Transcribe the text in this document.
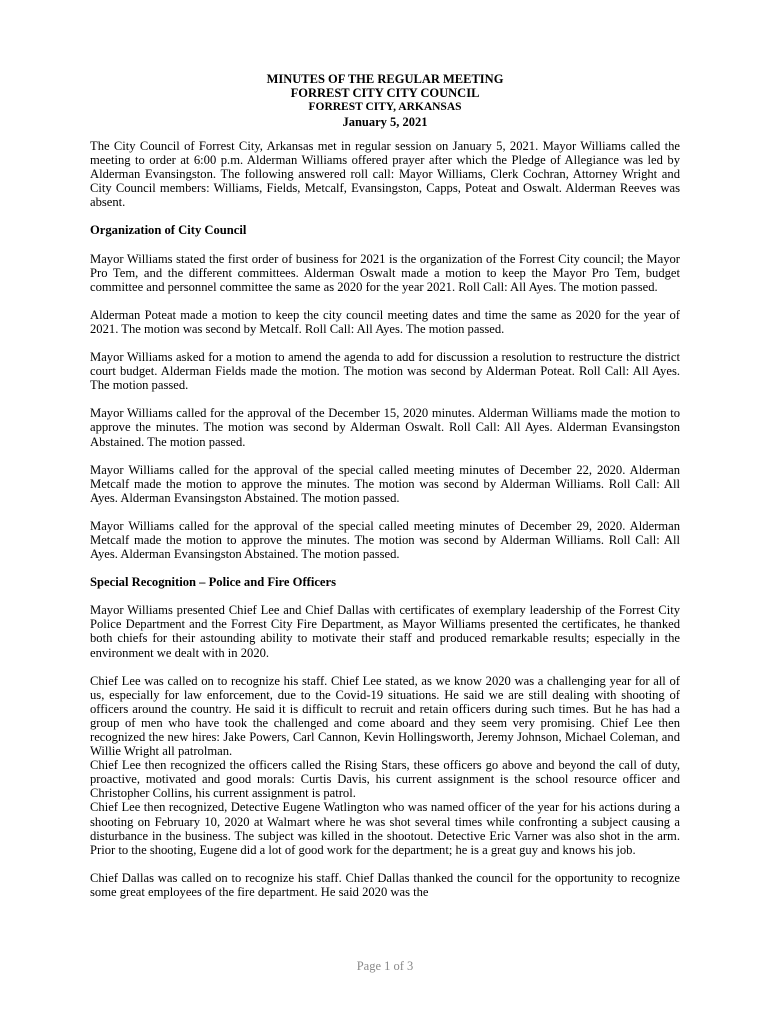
MINUTES OF THE REGULAR MEETING
FORREST CITY CITY COUNCIL
FORREST CITY, ARKANSAS
January 5, 2021

The City Council of Forrest City, Arkansas met in regular session on January 5, 2021. Mayor Williams called the meeting to order at 6:00 p.m. Alderman Williams offered prayer after which the Pledge of Allegiance was led by Alderman Evansingston. The following answered roll call: Mayor Williams, Clerk Cochran, Attorney Wright and City Council members: Williams, Fields, Metcalf, Evansingston, Capps, Poteat and Oswalt. Alderman Reeves was absent.

Organization of City Council

Mayor Williams stated the first order of business for 2021 is the organization of the Forrest City council; the Mayor Pro Tem, and the different committees. Alderman Oswalt made a motion to keep the Mayor Pro Tem, budget committee and personnel committee the same as 2020 for the year 2021. Roll Call: All Ayes. The motion passed.

Alderman Poteat made a motion to keep the city council meeting dates and time the same as 2020 for the year of 2021. The motion was second by Metcalf. Roll Call: All Ayes. The motion passed.

Mayor Williams asked for a motion to amend the agenda to add for discussion a resolution to restructure the district court budget. Alderman Fields made the motion. The motion was second by Alderman Poteat. Roll Call: All Ayes. The motion passed.

Mayor Williams called for the approval of the December 15, 2020 minutes. Alderman Williams made the motion to approve the minutes. The motion was second by Alderman Oswalt. Roll Call: All Ayes. Alderman Evansingston Abstained. The motion passed.

Mayor Williams called for the approval of the special called meeting minutes of December 22, 2020. Alderman Metcalf made the motion to approve the minutes. The motion was second by Alderman Williams. Roll Call: All Ayes. Alderman Evansingston Abstained. The motion passed.

Mayor Williams called for the approval of the special called meeting minutes of December 29, 2020. Alderman Metcalf made the motion to approve the minutes. The motion was second by Alderman Williams. Roll Call: All Ayes. Alderman Evansingston Abstained. The motion passed.

Special Recognition – Police and Fire Officers

Mayor Williams presented Chief Lee and Chief Dallas with certificates of exemplary leadership of the Forrest City Police Department and the Forrest City Fire Department, as Mayor Williams presented the certificates, he thanked both chiefs for their astounding ability to motivate their staff and produced remarkable results; especially in the environment we dealt with in 2020.

Chief Lee was called on to recognize his staff. Chief Lee stated, as we know 2020 was a challenging year for all of us, especially for law enforcement, due to the Covid-19 situations. He said we are still dealing with shooting of officers around the country. He said it is difficult to recruit and retain officers during such times. But he has had a group of men who have took the challenged and come aboard and they seem very promising. Chief Lee then recognized the new hires: Jake Powers, Carl Cannon, Kevin Hollingsworth, Jeremy Johnson, Michael Coleman, and Willie Wright all patrolman.

Chief Lee then recognized the officers called the Rising Stars, these officers go above and beyond the call of duty, proactive, motivated and good morals: Curtis Davis, his current assignment is the school resource officer and Christopher Collins, his current assignment is patrol.

Chief Lee then recognized, Detective Eugene Watlington who was named officer of the year for his actions during a shooting on February 10, 2020 at Walmart where he was shot several times while confronting a subject causing a disturbance in the business. The subject was killed in the shootout. Detective Eric Varner was also shot in the arm. Prior to the shooting, Eugene did a lot of good work for the department; he is a great guy and knows his job.

Chief Dallas was called on to recognize his staff. Chief Dallas thanked the council for the opportunity to recognize some great employees of the fire department. He said 2020 was the

Page 1 of 3
